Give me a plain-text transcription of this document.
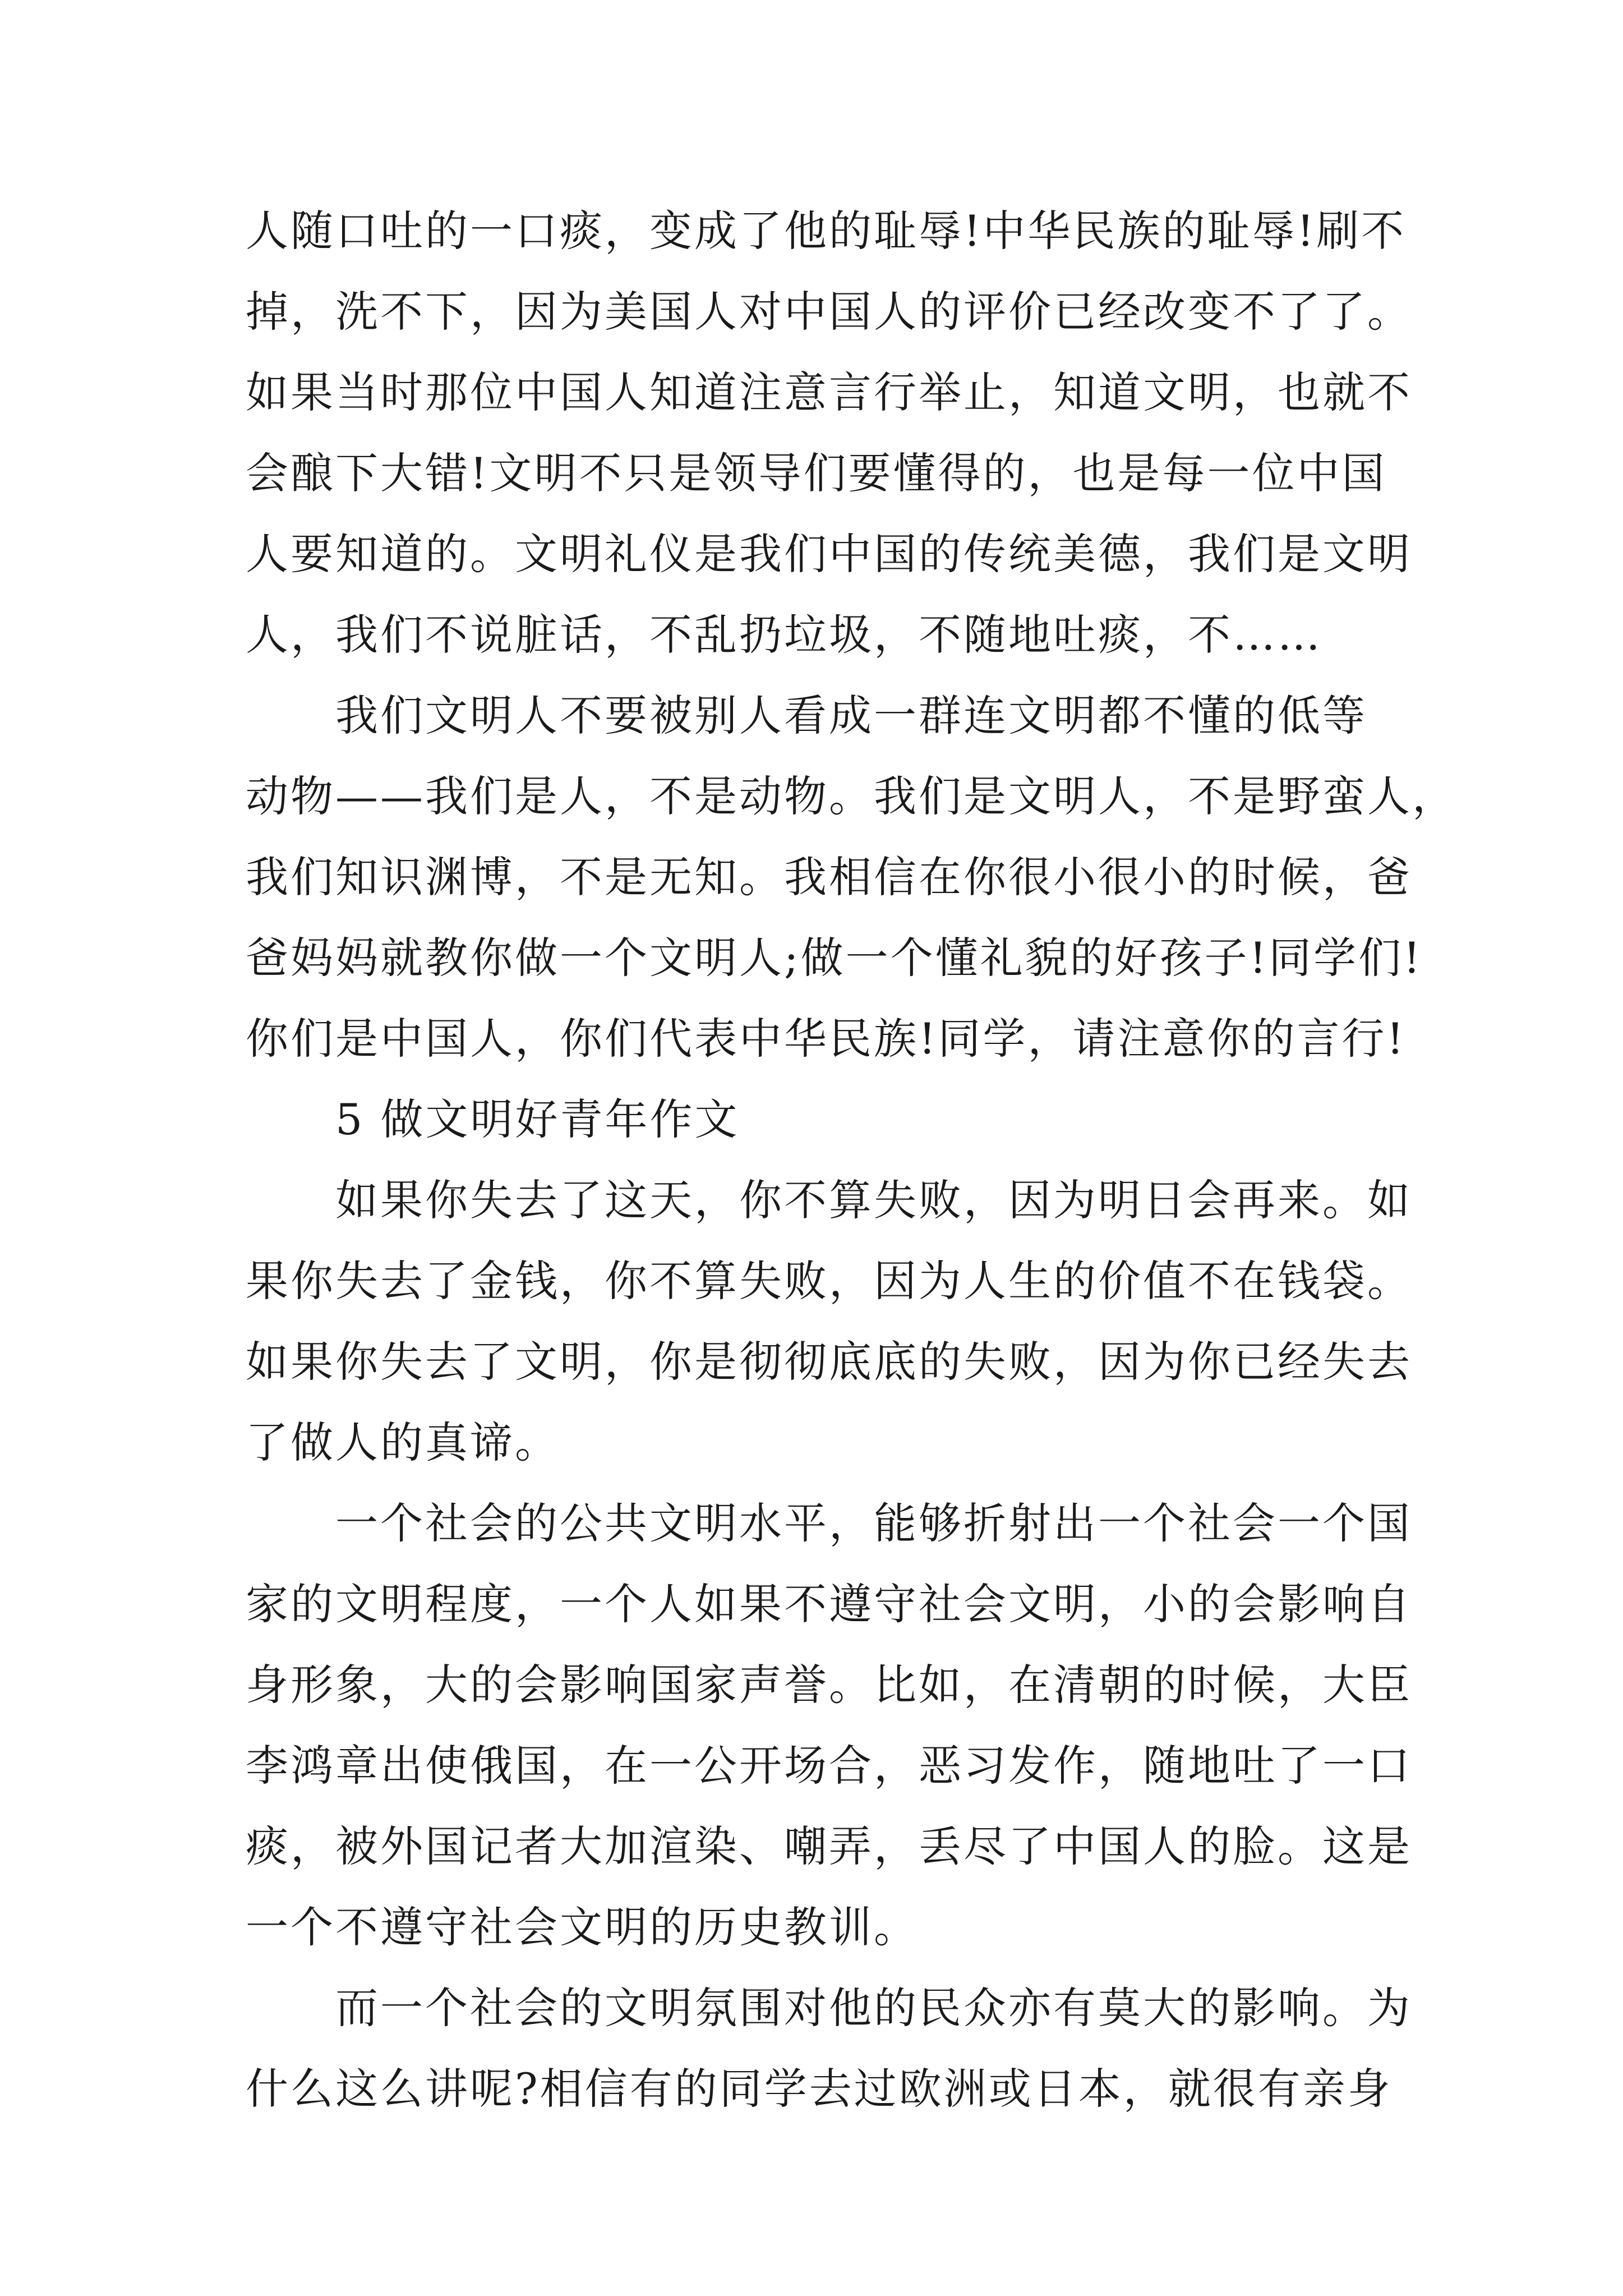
人随口吐的一口痰，变成了他的耻辱!中华民族的耻辱!刷不
掉，洗不下，因为美国人对中国人的评价已经改变不了了。
如果当时那位中国人知道注意言行举止，知道文明，也就不
会酿下大错!文明不只是领导们要懂得的，也是每一位中国
人要知道的。文明礼仪是我们中国的传统美德，我们是文明
人，我们不说脏话，不乱扔垃圾，不随地吐痰，不……
我们文明人不要被别人看成一群连文明都不懂的低等
动物——我们是人，不是动物。我们是文明人，不是野蛮人，
我们知识渊博，不是无知。我相信在你很小很小的时候，爸
爸妈妈就教你做一个文明人;做一个懂礼貌的好孩子!同学们!
你们是中国人，你们代表中华民族!同学，请注意你的言行!
5 做文明好青年作文
如果你失去了这天，你不算失败，因为明日会再来。如
果你失去了金钱，你不算失败，因为人生的价值不在钱袋。
如果你失去了文明，你是彻彻底底的失败，因为你已经失去
了做人的真谛。
一个社会的公共文明水平，能够折射出一个社会一个国
家的文明程度，一个人如果不遵守社会文明，小的会影响自
身形象，大的会影响国家声誉。比如，在清朝的时候，大臣
李鸿章出使俄国，在一公开场合，恶习发作，随地吐了一口
痰，被外国记者大加渲染、嘲弄，丢尽了中国人的脸。这是
一个不遵守社会文明的历史教训。
而一个社会的文明氛围对他的民众亦有莫大的影响。为
什么这么讲呢?相信有的同学去过欧洲或日本，就很有亲身
